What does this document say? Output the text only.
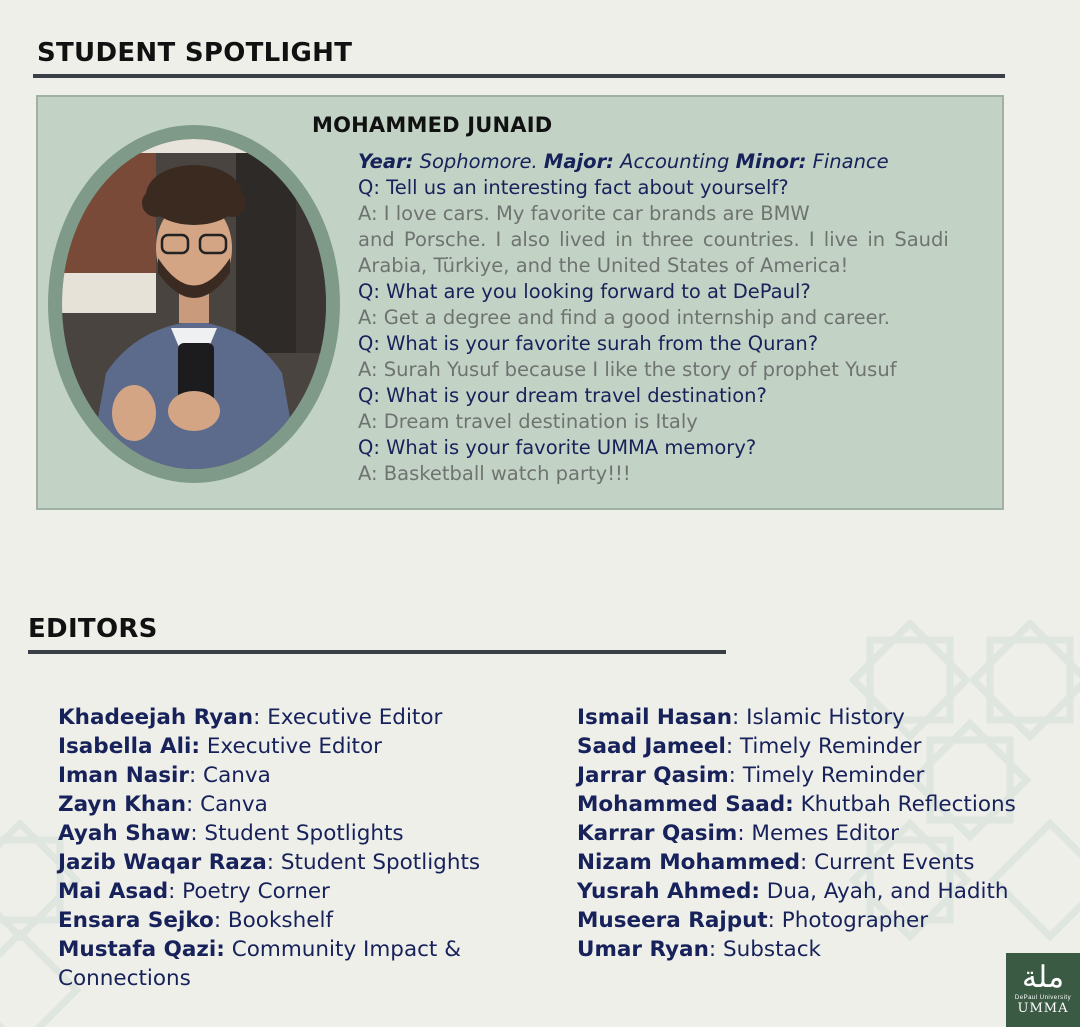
STUDENT SPOTLIGHT
MOHAMMED JUNAID
Year: Sophomore. Major: Accounting Minor: Finance
Q: Tell us an interesting fact about yourself?
A: I love cars. My favorite car brands are BMW
and Porsche. I also lived in three countries. I live in Saudi
Arabia, Türkiye, and the United States of America!
Q: What are you looking forward to at DePaul?
A: Get a degree and find a good internship and career.
Q: What is your favorite surah from the Quran?
A: Surah Yusuf because I like the story of prophet Yusuf
Q: What is your dream travel destination?
A: Dream travel destination is Italy
Q: What is your favorite UMMA memory?
A: Basketball watch party!!!
EDITORS
Khadeejah Ryan: Executive Editor
Isabella Ali: Executive Editor
Iman Nasir: Canva
Zayn Khan: Canva
Ayah Shaw: Student Spotlights
Jazib Waqar Raza: Student Spotlights
Mai Asad: Poetry Corner
Ensara Sejko: Bookshelf
Mustafa Qazi: Community Impact &
Connections
Ismail Hasan: Islamic History
Saad Jameel: Timely Reminder
Jarrar Qasim: Timely Reminder
Mohammed Saad: Khutbah Reflections
Karrar Qasim: Memes Editor
Nizam Mohammed: Current Events
Yusrah Ahmed: Dua, Ayah, and Hadith
Museera Rajput: Photographer
Umar Ryan: Substack
ملة
DePaul University
UMMA
